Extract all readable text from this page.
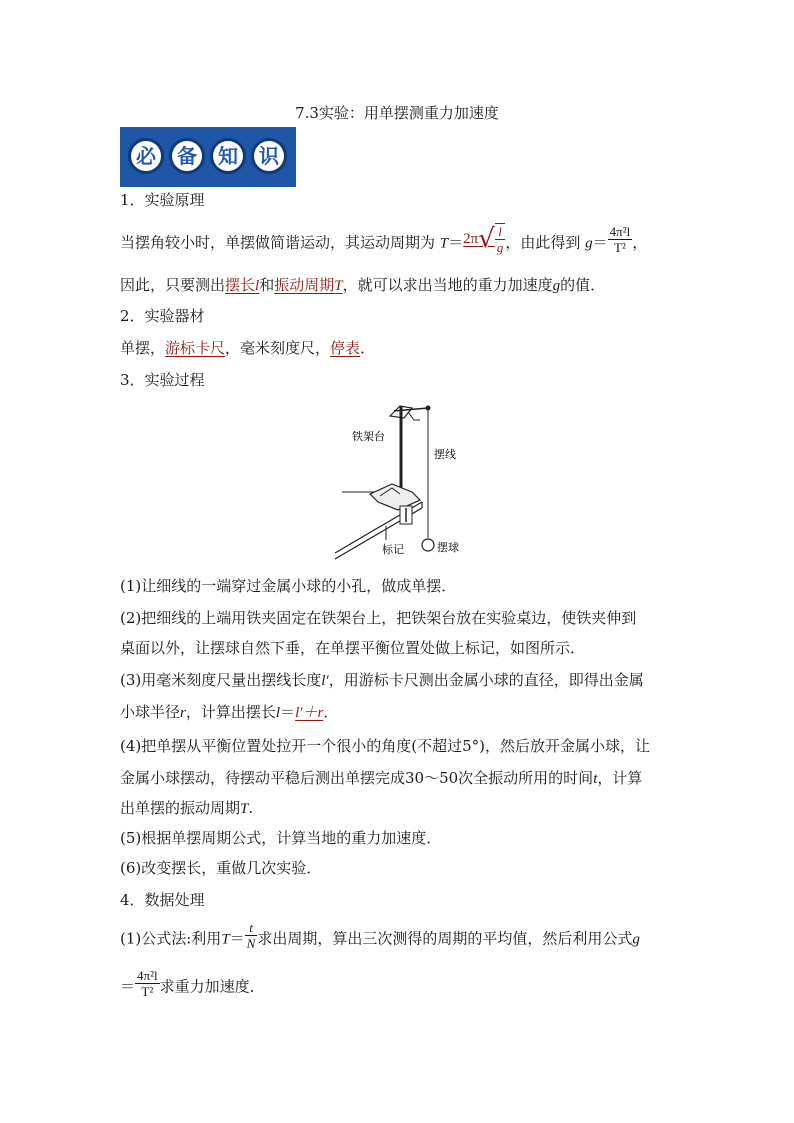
7.3实验：用单摆测重力加速度
必	备	知	识
1．实验原理
当摆角较小时，单摆做简谐运动，其运动周期为 $T=2\pi√ \frac{l}{g}$ ，由此得到 $g= \frac{\text{4π²l}}{\text{T²}}$ ，
因此，只要测出摆长l和振动周期T，就可以求出当地的重力加速度g的值．
2．实验器材
单摆，游标卡尺，毫米刻度尺，停表．
3．实验过程
铁架台
摆线
标记	摆球
(1)让细线的一端穿过金属小球的小孔，做成单摆．
(2)把细线的上端用铁夹固定在铁架台上，把铁架台放在实验桌边，使铁夹伸到
桌面以外，让摆球自然下垂，在单摆平衡位置处做上标记，如图所示．
(3)用毫米刻度尺量出摆线长度l′，用游标卡尺测出金属小球的直径，即得出金属
小球半径r，计算出摆长l＝l′＋r．
(4)把单摆从平衡位置处拉开一个很小的角度(不超过5°)，然后放开金属小球，让
金属小球摆动，待摆动平稳后测出单摆完成30～50次全振动所用的时间t，计算
出单摆的振动周期T.
(5)根据单摆周期公式，计算当地的重力加速度．
(6)改变摆长，重做几次实验．
4．数据处理
(1)公式法:利用$T= \frac{t}{N}$ 求出周期，算出三次测得的周期的平均值，然后利用公式g
＝ $\frac{\text{4π²l}}{\text{T²}}$ 求重力加速度．
